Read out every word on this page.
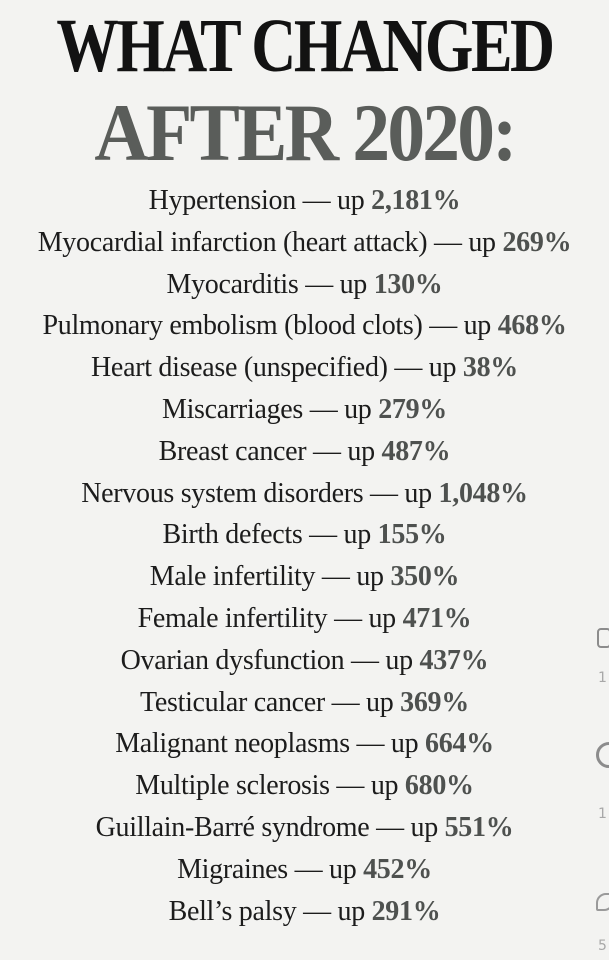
WHAT CHANGED
AFTER 2020:
Hypertension — up 2,181%
Myocardial infarction (heart attack) — up 269%
Myocarditis — up 130%
Pulmonary embolism (blood clots) — up 468%
Heart disease (unspecified) — up 38%
Miscarriages — up 279%
Breast cancer — up 487%
Nervous system disorders — up 1,048%
Birth defects — up 155%
Male infertility — up 350%
Female infertility — up 471%
Ovarian dysfunction — up 437%
Testicular cancer — up 369%
Malignant neoplasms — up 664%
Multiple sclerosis — up 680%
Guillain-Barré syndrome — up 551%
Migraines — up 452%
Bell’s palsy — up 291%
1
1
5
